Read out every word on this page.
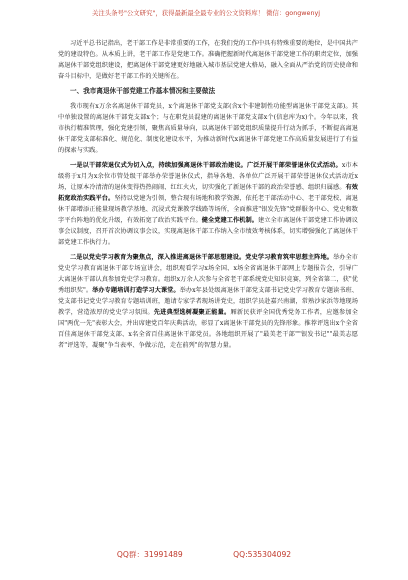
关注头条号"公文研究"，获得最新最全最专业的公文资料库！ 微信：gongwenyj

习近平总书记指出，老干部工作是非常重要的工作，在我们党的工作中具有特殊重要的地位，是中国共产党的建设特色。从本质上讲，老干部工作是党建工作。准确把握新时代离退休干部党建工作的职责定位，加强离退休干部党组织建设，把离退休干部党建更好地融入城市基层党建大格局，融入全面从严治党的历史使命和奋斗目标中，是做好老干部工作的关键所在。

一、我市离退休干部党建工作基本情况和主要做法

我市现有x万余名离退休干部党员，x个离退休干部党支部(含x个非建制性功能型离退休干部党支部)。其中单独设置的离退休干部党支部x个；与在职党员混建的离退休干部党支部x个(信息库为x)个。今年以来，我市执行精准管理，强化党建引领，聚焦高质量导向，以离退休干部党组织质量提升行动为抓手，不断提高离退休干部党支部标准化、规范化、制度化建设水平，为推动新时代x离退休干部党建工作高质量发展进行了有益的探索与实践。

一是以干部荣退仪式为切入点，持续加强离退休干部政治建设。广泛开展干部荣誉退休仪式活动。x市本级将于x月为x余位市管处级干部举办荣誉退休仪式，指导各地、各单位广泛开展干部荣誉退休仪式活动近x场，让原本冷清清的退休变得热热闹闹、红红火火，切实强化了新退休干部的政治荣誉感、组织归属感。有效拓宽政治实践平台。坚持以党建为引领，整合现有场地和教学资源，依托老干部活动中心、老干部党校、离退休干部增添正能量现场教学基地、沉浸式党课教学线路等场所，全面推进"银发先锋"党群服务中心、党史和数字平台阵地的优化升级，有效拓宽了政治实践平台。健全党建工作机制。建立全市离退休干部党建工作协调议事会议制度，召开首次协调议事会议，实现离退休干部工作纳入全市绩效考核体系，切实增强强化了离退休干部党建工作执行力。

二是以党史学习教育为聚焦点，深入推进离退休干部思想建设。党史学习教育筑牢思想主阵地。举办全市党史学习教育离退休干部专场宣讲会，组织观看学习x场全国、x场全省离退休干部网上专题报告会，引导广大离退休干部认真参加党史学习教育。组织x万余人次参与全省老干部系统党史知识竞赛，列全省第二，获"优秀组织奖"。举办专题培训打造学习大课堂。举办x年县处级离退休干部党支部书记党史学习教育专题读书班、党支部书记党史学习教育专题培训班，邀请专家学者现场讲党史，组织学员赴嘉兴南湖，常熟沙家浜等地现场教学，营造浓厚的党史学习氛围。先进典型选树凝聚正能量。厢新民获评全国优秀党务工作者，应邀参加全国"两优一先"表彰大会，并出席建党百年庆典活动，彰显了x离退休干部党员的先锋形象。推荐评选出x个全省百佳离退休干部党支部、x名全省百佳离退休干部党员。各地组织开展了"最美老干部""银发书记""最美志愿者"评选等，凝聚"争当表率、争做示范，走在前列"的智慧力量。

QQ群：31991489	QQ:535304092
